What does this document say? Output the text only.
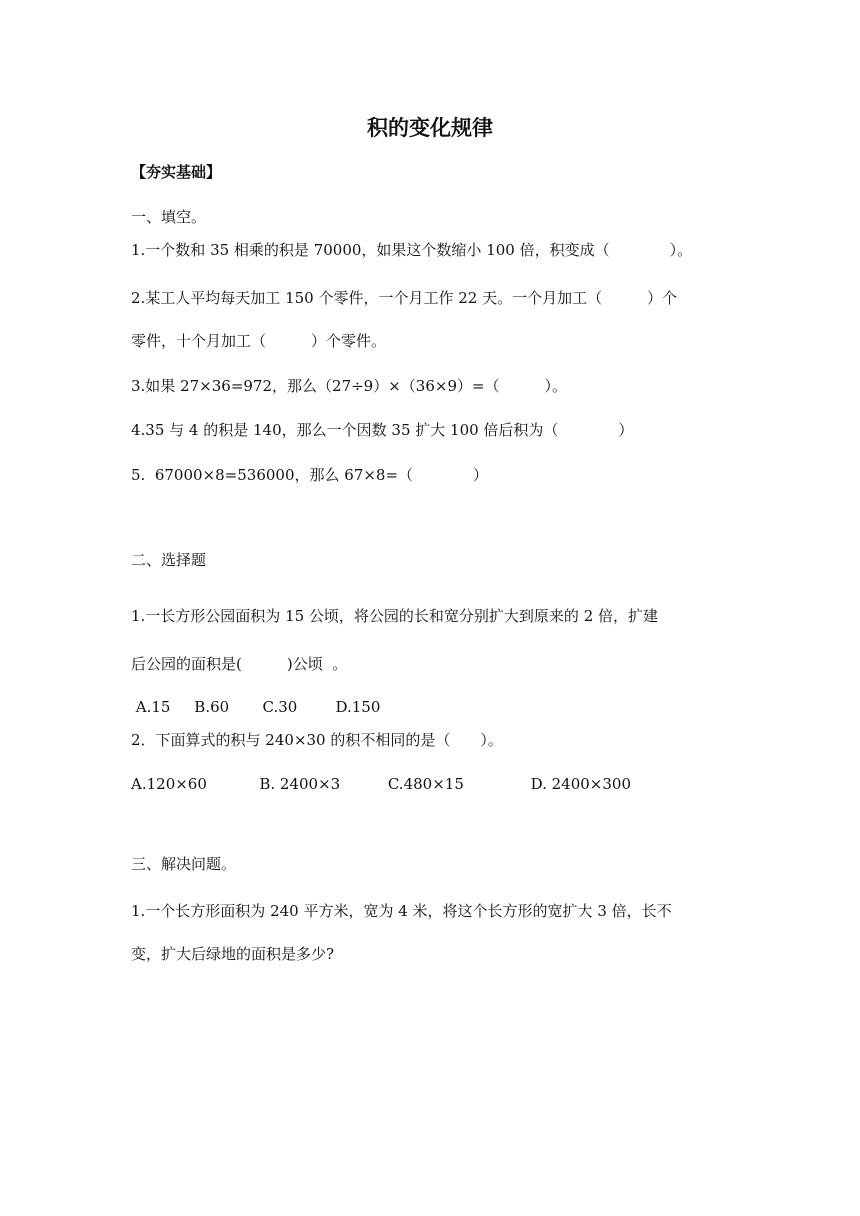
积的变化规律
【夯实基础】
一、填空。
1.一个数和 35 相乘的积是 70000，如果这个数缩小 100 倍，积变成（　　　　）。
2.某工人平均每天加工 150 个零件，一个月工作 22 天。一个月加工（　　　）个
零件，十个月加工（　　　）个零件。
3.如果 27×36=972，那么（27÷9）×（36×9）=（　　　）。
4.35 与 4 的积是 140，那么一个因数 35 扩大 100 倍后积为（　　　　）
5.  67000×8=536000，那么 67×8=（　　　　）
二、选择题
1.一长方形公园面积为 15 公顷，将公园的长和宽分别扩大到原来的 2 倍，扩建
后公园的面积是(　　　)公顷  。
A.15     B.60       C.30        D.150
2．下面算式的积与 240×30 的积不相同的是（　　）。
A.120×60           B. 2400×3          C.480×15              D. 2400×300
三、解决问题。
1.一个长方形面积为 240 平方米，宽为 4 米，将这个长方形的宽扩大 3 倍，长不
变，扩大后绿地的面积是多少?
